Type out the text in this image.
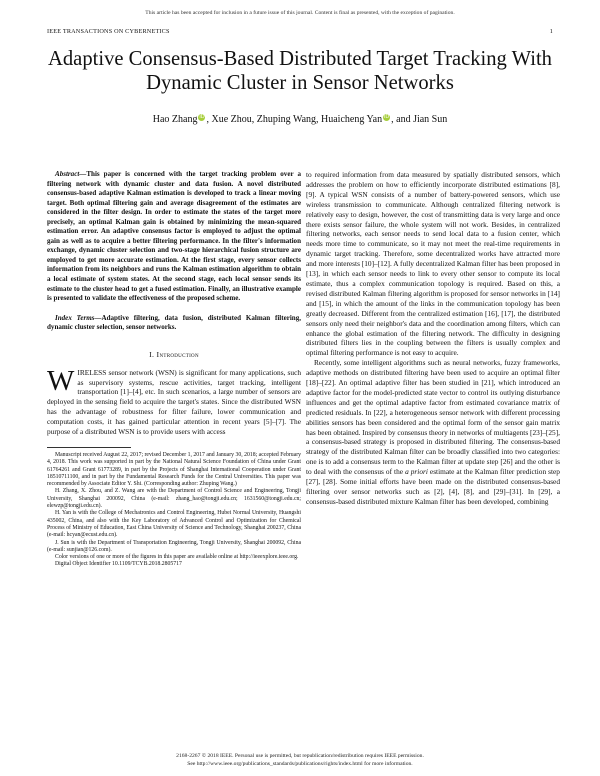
This article has been accepted for inclusion in a future issue of this journal. Content is final as presented, with the exception of pagination.
IEEE TRANSACTIONS ON CYBERNETICS	1
Adaptive Consensus-Based Distributed Target Tracking With Dynamic Cluster in Sensor Networks
Hao Zhang iD , Xue Zhou, Zhuping Wang, Huaicheng Yan iD , and Jian Sun

Abstract—This paper is concerned with the target tracking problem over a filtering network with dynamic cluster and data fusion. A novel distributed consensus-based adaptive Kalman estimation is developed to track a linear moving target. Both optimal filtering gain and average disagreement of the estimates are considered in the filter design. In order to estimate the states of the target more precisely, an optimal Kalman gain is obtained by minimizing the mean-squared estimation error. An adaptive consensus factor is employed to adjust the optimal gain as well as to acquire a better filtering performance. In the filter's information exchange, dynamic cluster selection and two-stage hierarchical fusion structure are employed to get more accurate estimation. At the first stage, every sensor collects information from its neighbors and runs the Kalman estimation algorithm to obtain a local estimate of system states. At the second stage, each local sensor sends its estimate to the cluster head to get a fused estimation. Finally, an illustrative example is presented to validate the effectiveness of the proposed scheme.

Index Terms—Adaptive filtering, data fusion, distributed Kalman filtering, dynamic cluster selection, sensor networks.

I. Introduction

WIRELESS sensor network (WSN) is significant for many applications, such as supervisory systems, rescue activities, target tracking, intelligent transportation [1]–[4], etc. In such scenarios, a large number of sensors are deployed in the sensing field to acquire the target's states. Since the distributed WSN has the advantage of robustness for filter failure, lower communication and computation costs, it has gained particular attention in recent years [5]–[7]. The purpose of a distributed WSN is to provide users with access

Manuscript received August 22, 2017; revised December 1, 2017 and January 30, 2018; accepted February 4, 2018. This work was supported in part by the National Natural Science Foundation of China under Grant 61764261 and Grant 61773289, in part by the Projects of Shanghai International Cooperation under Grant 18510711100, and in part by the Fundamental Research Funds for the Central Universities. This paper was recommended by Associate Editor Y. Shi. (Corresponding author: Zhuping Wang.)

H. Zhang, X. Zhou, and Z. Wang are with the Department of Control Science and Engineering, Tongji University, Shanghai 200092, China (e-mail: zhang_hao@tongji.edu.cn; 1631560@tongji.edu.cn; elewzp@tongji.edu.cn).

H. Yan is with the College of Mechatronics and Control Engineering, Hubei Normal University, Huangshi 435002, China, and also with the Key Laboratory of Advanced Control and Optimization for Chemical Process of Ministry of Education, East China University of Science and Technology, Shanghai 200237, China (e-mail: hcyan@ecust.edu.cn).

J. Sun is with the Department of Transportation Engineering, Tongji University, Shanghai 200092, China (e-mail: sunjian@126.com).

Color versions of one or more of the figures in this paper are available online at http://ieeexplore.ieee.org.

Digital Object Identifier 10.1109/TCYB.2018.2805717

to required information from data measured by spatially distributed sensors, which addresses the problem on how to efficiently incorporate distributed estimations [8], [9]. A typical WSN consists of a number of battery-powered sensors, which use wireless transmission to communicate. Although centralized filtering network is relatively easy to design, however, the cost of transmitting data is very large and once there exists sensor failure, the whole system will not work. Besides, in centralized filtering networks, each sensor needs to send local data to a fusion center, which needs more time to communicate, so it may not meet the real-time requirements in dynamic target tracking. Therefore, some decentralized works have attracted more and more interests [10]–[12]. A fully decentralized Kalman filter has been proposed in [13], in which each sensor needs to link to every other sensor to compute its local estimate, thus a complex communication topology is required. Based on this, a revised distributed Kalman filtering algorithm is proposed for sensor networks in [14] and [15], in which the amount of the links in the communication topology has been greatly decreased. Different from the centralized estimation [16], [17], the distributed sensors only need their neighbor's data and the coordination among filters, which can enhance the global estimation of the filtering network. The difficulty in designing distributed filters lies in the coupling between the filters is usually complex and optimal filtering performance is not easy to acquire.

Recently, some intelligent algorithms such as neural networks, fuzzy frameworks, adaptive methods on distributed filtering have been used to acquire an optimal filter [18]–[22]. An optimal adaptive filter has been studied in [21], which introduced an adaptive factor for the model-predicted state vector to control its outlying disturbance influences and get the optimal adaptive factor from estimated covariance matrix of predicted residuals. In [22], a heterogeneous sensor network with different processing abilities sensors has been considered and the optimal form of the sensor gain matrix has been obtained. Inspired by consensus theory in networks of multiagents [23]–[25], a consensus-based strategy is proposed in distributed filtering. The consensus-based strategy of the distributed Kalman filter can be broadly classified into two categories: one is to add a consensus term to the Kalman filter at update step [26] and the other is to deal with the consensus of the a priori estimate at the Kalman filter prediction step [27], [28]. Some initial efforts have been made on the distributed consensus-based filtering over sensor networks such as [2], [4], [8], and [29]–[31]. In [29], a consensus-based distributed mixture Kalman filter has been developed, combining

2168-2267 © 2018 IEEE. Personal use is permitted, but republication/redistribution requires IEEE permission.
See http://www.ieee.org/publications_standards/publications/rights/index.html for more information.
